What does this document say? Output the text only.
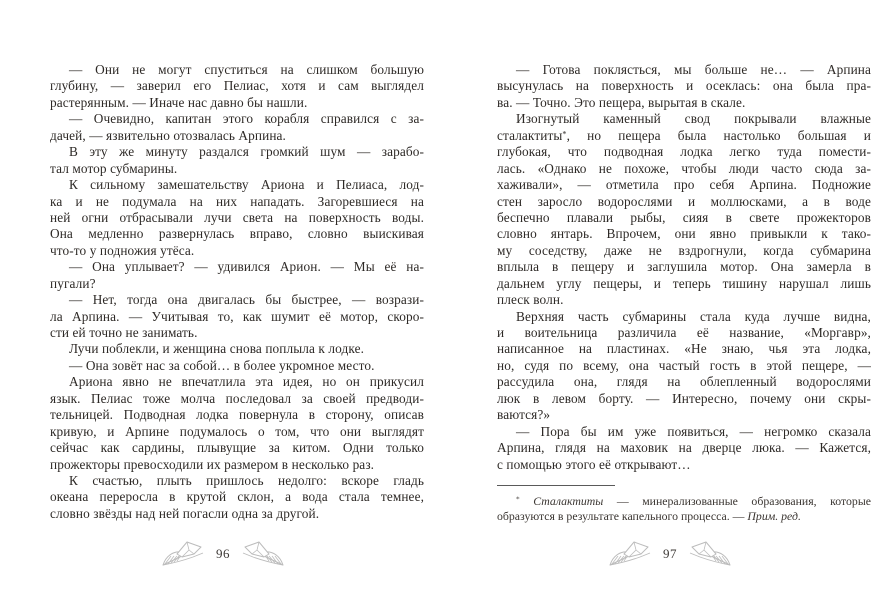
— Они не могут спуститься на слишком большую
глубину, — заверил его Пелиас, хотя и сам выглядел
растерянным. — Иначе нас давно бы нашли.
— Очевидно, капитан этого корабля справился с за-
дачей, — язвительно отозвалась Арпина.
В эту же минуту раздался громкий шум — зарабо-
тал мотор субмарины.
К сильному замешательству Ариона и Пелиаса, лод-
ка и не подумала на них нападать. Загоревшиеся на
ней огни отбрасывали лучи света на поверхность воды.
Она медленно развернулась вправо, словно выискивая
что-то у подножия утёса.
— Она уплывает? — удивился Арион. — Мы её на-
пугали?
— Нет, тогда она двигалась бы быстрее, — возрази-
ла Арпина. — Учитывая то, как шумит её мотор, скоро-
сти ей точно не занимать.
Лучи поблекли, и женщина снова поплыла к лодке.
— Она зовёт нас за собой… в более укромное место.
Ариона явно не впечатлила эта идея, но он прикусил
язык. Пелиас тоже молча последовал за своей предводи-
тельницей. Подводная лодка повернула в сторону, описав
кривую, и Арпине подумалось о том, что они выглядят
сейчас как сардины, плывущие за китом. Одни только
прожекторы превосходили их размером в несколько раз.
К счастью, плыть пришлось недолго: вскоре гладь
океана переросла в крутой склон, а вода стала темнее,
словно звёзды над ней погасли одна за другой.
96
— Готова поклясться, мы больше не… — Арпина
высунулась на поверхность и осеклась: она была пра-
ва. — Точно. Это пещера, вырытая в скале.
Изогнутый каменный свод покрывали влажные
сталактиты*, но пещера была настолько большая и
глубокая, что подводная лодка легко туда помести-
лась. «Однако не похоже, чтобы люди часто сюда за-
хаживали», — отметила про себя Арпина. Подножие
стен заросло водорослями и моллюсками, а в воде
беспечно плавали рыбы, сияя в свете прожекторов
словно янтарь. Впрочем, они явно привыкли к тако-
му соседству, даже не вздрогнули, когда субмарина
вплыла в пещеру и заглушила мотор. Она замерла в
дальнем углу пещеры, и теперь тишину нарушал лишь
плеск волн.
Верхняя часть субмарины стала куда лучше видна,
и воительница различила её название, «Моргавр»,
написанное на пластинах. «Не знаю, чья эта лодка,
но, судя по всему, она частый гость в этой пещере, —
рассудила она, глядя на облепленный водорослями
люк в левом борту. — Интересно, почему они скры-
ваются?»
— Пора бы им уже появиться, — негромко сказала
Арпина, глядя на маховик на дверце люка. — Кажется,
с помощью этого её открывают…
* Сталактиты — минерализованные образования, которые
образуются в результате капельного процесса. — Прим. ред.
97
